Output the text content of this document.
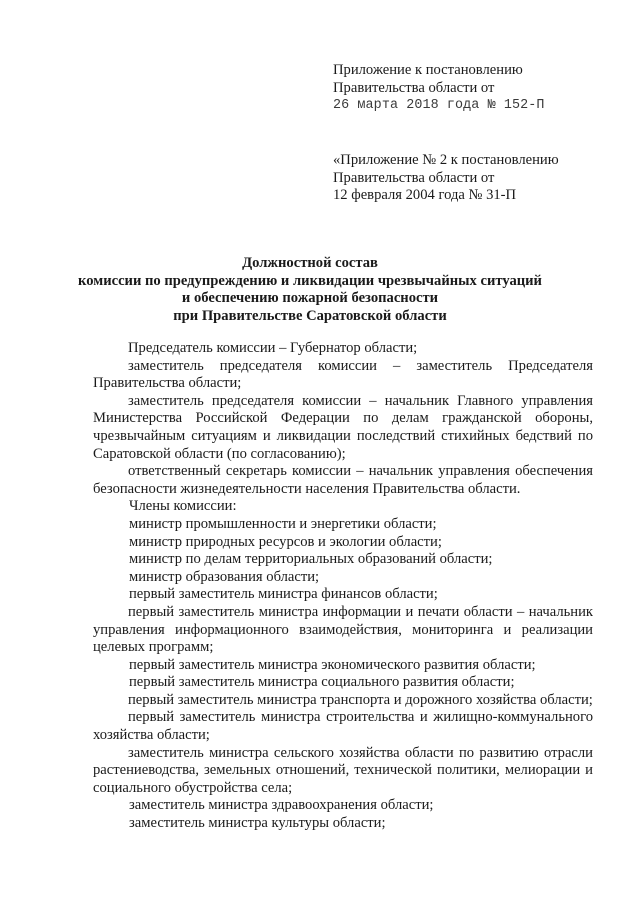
Приложение к постановлению

Правительства области от

26 марта 2018 года № 152-П

«Приложение № 2 к постановлению

Правительства области от

12 февраля 2004 года № 31-П

Должностной состав

комиссии по предупреждению и ликвидации чрезвычайных ситуаций

и обеспечению пожарной безопасности

при Правительстве Саратовской области

Председатель комиссии – Губернатор области;

заместитель председателя комиссии – заместитель Председателя Правительства области;

заместитель председателя комиссии – начальник Главного управления Министерства Российской Федерации по делам гражданской обороны, чрезвычайным ситуациям и ликвидации последствий стихийных бедствий по Саратовской области (по согласованию);

ответственный секретарь комиссии – начальник управления обеспечения безопасности жизнедеятельности населения Правительства области.

Члены комиссии:

министр промышленности и энергетики области;

министр природных ресурсов и экологии области;

министр по делам территориальных образований области;

министр образования области;

первый заместитель министра финансов области;

первый заместитель министра информации и печати области – начальник управления информационного взаимодействия, мониторинга и реализации целевых программ;

первый заместитель министра экономического развития области;

первый заместитель министра социального развития области;

первый заместитель министра транспорта и дорожного хозяйства области;

первый заместитель министра строительства и жилищно-коммунального хозяйства области;

заместитель министра сельского хозяйства области по развитию отрасли растениеводства, земельных отношений, технической политики, мелиорации и социального обустройства села;

заместитель министра здравоохранения области;

заместитель министра культуры области;
